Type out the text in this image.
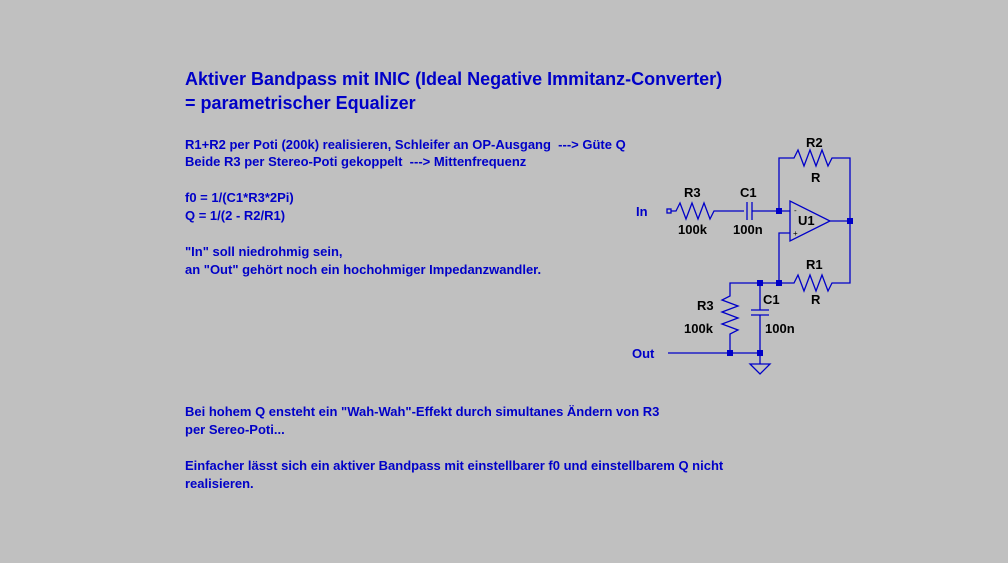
Aktiver Bandpass mit INIC (Ideal Negative Immitanz-Converter)
= parametrischer Equalizer
R1+R2 per Poti (200k) realisieren, Schleifer an OP-Ausgang  ---> Güte Q
Beide R3 per Stereo-Poti gekoppelt  ---> Mittenfrequenz
f0 = 1/(C1*R3*2Pi)
Q = 1/(2 - R2/R1)
"In" soll niedrohmig sein,
an "Out" gehört noch ein hochohmiger Impedanzwandler.
Bei hohem Q ensteht ein "Wah-Wah"-Effekt durch simultanes Ändern von R3
per Sereo-Poti...
Einfacher lässt sich ein aktiver Bandpass mit einstellbarer f0 und einstellbarem Q nicht
realisieren.
-
+
In
Out
R3
100k
C1
100n
R2
R
U1
R1
R
R3
100k
C1
100n
